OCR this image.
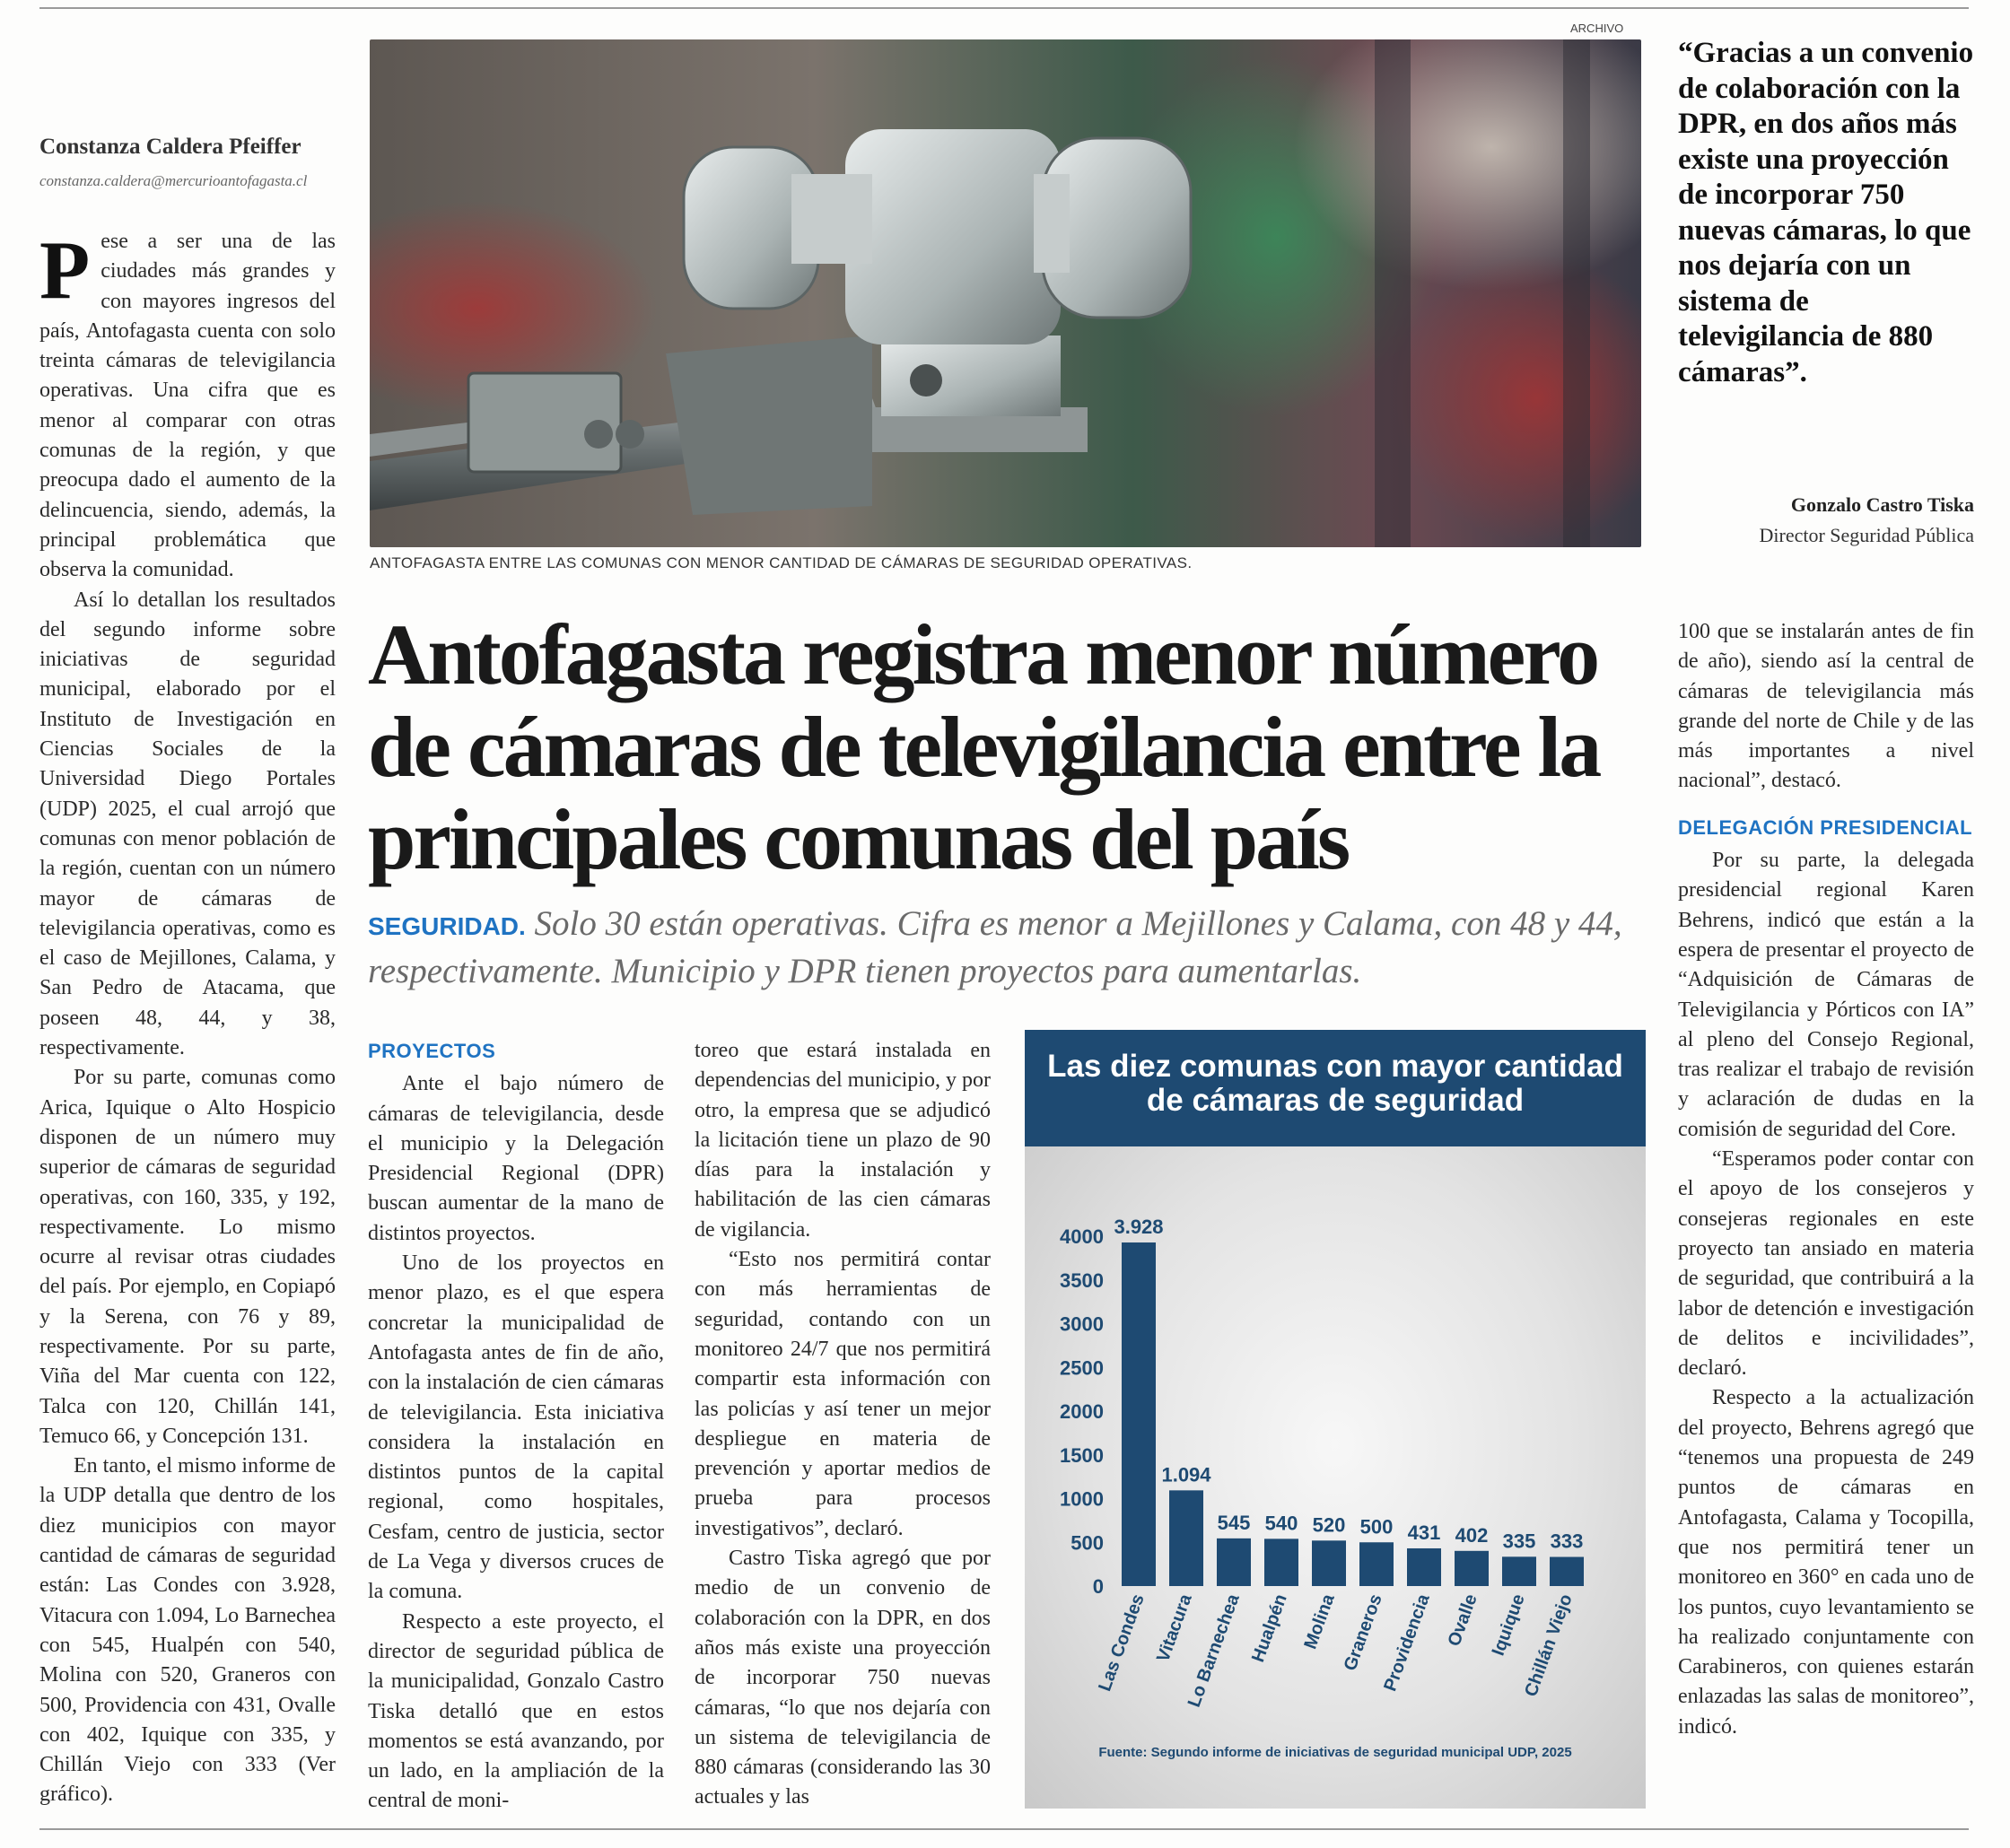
Constanza Caldera Pfeiffer
constanza.caldera@mercurioantofagasta.cl

Pese a ser una de las ciudades más grandes y con mayores ingresos del país, Antofagasta cuenta con solo treinta cámaras de televigilancia operativas. Una cifra que es menor al comparar con otras comunas de la región, y que preocupa dado el aumento de la delincuencia, siendo, además, la principal problemática que observa la comunidad.

Así lo detallan los resultados del segundo informe sobre iniciativas de seguridad municipal, elaborado por el Instituto de Investigación en Ciencias Sociales de la Universidad Diego Portales (UDP) 2025, el cual arrojó que comunas con menor población de la región, cuentan con un número mayor de cámaras de televigilancia operativas, como es el caso de Mejillones, Calama, y San Pedro de Atacama, que poseen 48, 44, y 38, respectivamente.

Por su parte, comunas como Arica, Iquique o Alto Hospicio disponen de un número muy superior de cámaras de seguridad operativas, con 160, 335, y 192, respectivamente. Lo mismo ocurre al revisar otras ciudades del país. Por ejemplo, en Copiapó y la Serena, con 76 y 89, respectivamente. Por su parte, Viña del Mar cuenta con 122, Talca con 120, Chillán 141, Temuco 66, y Concepción 131.

En tanto, el mismo informe de la UDP detalla que dentro de los diez municipios con mayor cantidad de cámaras de seguridad están: Las Condes con 3.928, Vitacura con 1.094, Lo Barnechea con 545, Hualpén con 540, Molina con 520, Graneros con 500, Providencia con 431, Ovalle con 402, Iquique con 335, y Chillán Viejo con 333 (Ver gráfico).

ARCHIVO
ANTOFAGASTA ENTRE LAS COMUNAS CON MENOR CANTIDAD DE CÁMARAS DE SEGURIDAD OPERATIVAS.
“Gracias a un convenio de colaboración con la DPR, en dos años más existe una proyección de incorporar 750 nuevas cámaras, lo que nos dejaría con un sistema de televigilancia de 880 cámaras”.
Gonzalo Castro Tiska
Director Seguridad Pública
Antofagasta registra menor número de cámaras de televigilancia entre la principales comunas del país
SEGURIDAD. Solo 30 están operativas. Cifra es menor a Mejillones y Calama, con 48 y 44, respectivamente. Municipio y DPR tienen proyectos para aumentarlas.
PROYECTOS

Ante el bajo número de cámaras de televigilancia, desde el municipio y la Delegación Presidencial Regional (DPR) buscan aumentar de la mano de distintos proyectos.

Uno de los proyectos en menor plazo, es el que espera concretar la municipalidad de Antofagasta antes de fin de año, con la instalación de cien cámaras de televigilancia. Esta iniciativa considera la instalación en distintos puntos de la capital regional, como hospitales, Cesfam, centro de justicia, sector de La Vega y diversos cruces de la comuna.

Respecto a este proyecto, el director de seguridad pública de la municipalidad, Gonzalo Castro Tiska detalló que en estos momentos se está avanzando, por un lado, en la ampliación de la central de moni-

toreo que estará instalada en dependencias del municipio, y por otro, la empresa que se adjudicó la licitación tiene un plazo de 90 días para la instalación y habilitación de las cien cámaras de vigilancia.

“Esto nos permitirá contar con más herramientas de seguridad, contando con un monitoreo 24/7 que nos permitirá compartir esta información con las policías y así tener un mejor despliegue en materia de prevención y aportar medios de prueba para procesos investigativos”, declaró.

Castro Tiska agregó que por medio de un convenio de colaboración con la DPR, en dos años más existe una proyección de incorporar 750 nuevas cámaras, “lo que nos dejaría con un sistema de televigilancia de 880 cámaras (considerando las 30 actuales y las

Las diez comunas con mayor cantidad de cámaras de seguridad
0
500
1000
1500
2000
2500
3000
3500
4000 3.928
Las Condes
1.094
Vitacura
545
Lo Barnechea
540
Hualpén
520
Molina
500
Graneros
431
Providencia
402
Ovalle
335
Iquique
333
Chillán Viejo
Fuente: Segundo informe de iniciativas de seguridad municipal UDP, 2025

100 que se instalarán antes de fin de año), siendo así la central de cámaras de televigilancia más grande del norte de Chile y de las más importantes a nivel nacional”, destacó.

DELEGACIÓN PRESIDENCIAL

Por su parte, la delegada presidencial regional Karen Behrens, indicó que están a la espera de presentar el proyecto de “Adquisición de Cámaras de Televigilancia y Pórticos con IA” al pleno del Consejo Regional, tras realizar el trabajo de revisión y aclaración de dudas en la comisión de seguridad del Core.

“Esperamos poder contar con el apoyo de los consejeros y consejeras regionales en este proyecto tan ansiado en materia de seguridad, que contribuirá a la labor de detención e investigación de delitos e incivilidades”, declaró.

Respecto a la actualización del proyecto, Behrens agregó que “tenemos una propuesta de 249 puntos de cámaras en Antofagasta, Calama y Tocopilla, que nos permitirá tener un monitoreo en 360° en cada uno de los puntos, cuyo levantamiento se ha realizado conjuntamente con Carabineros, con quienes estarán enlazadas las salas de monitoreo”, indicó.
